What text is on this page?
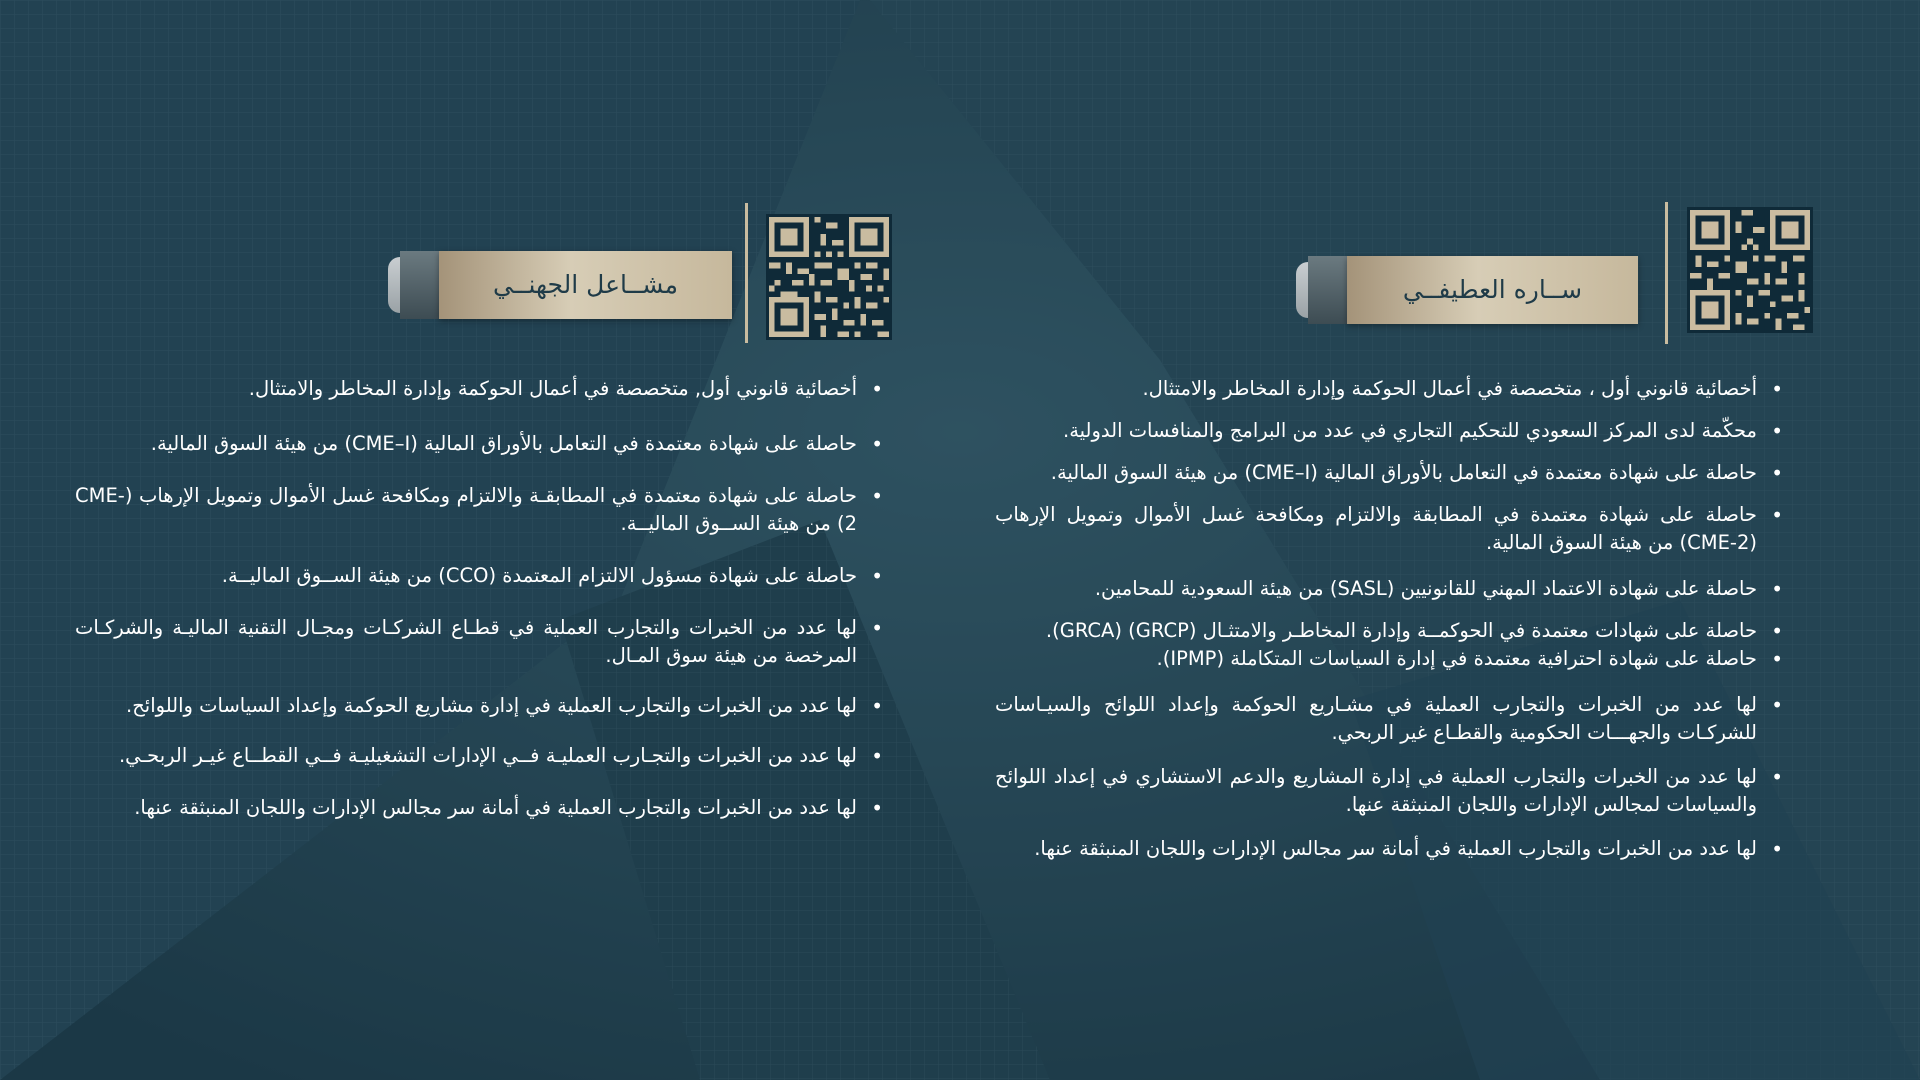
مشــاعل الجهنــي
• أخصائية قانوني أول, متخصصة في أعمال الحوكمة وإدارة المخاطر والامتثال.
• حاصلة على شهادة معتمدة في التعامل بالأوراق المالية (CME–I) من هيئة السوق المالية.
• حاصلة على شهادة معتمدة في المطابقـة والالتزام ومكافحة غسل الأموال وتمويل الإرهاب (CME-2) من هيئة الســوق الماليــة.
• حاصلة على شهادة مسؤول الالتزام المعتمدة (CCO) من هيئة الســوق الماليــة.
• لها عدد من الخبرات والتجارب العملية في قطـاع الشركـات ومجـال التقنية الماليـة والشركـات المرخصة من هيئة سوق المـال.
• لها عدد من الخبرات والتجارب العملية في إدارة مشاريع الحوكمة وإعداد السياسات واللوائح.
• لها عدد من الخبرات والتجـارب العمليـة فــي الإدارات التشغيليـة فــي القطــاع غيـر الربحـي.
• لها عدد من الخبرات والتجارب العملية في أمانة سر مجالس الإدارات واللجان المنبثقة عنها.
ســاره العطيفــي
• أخصائية قانوني أول ، متخصصة في أعمال الحوكمة وإدارة المخاطر والامتثال.
• محكّمة لدى المركز السعودي للتحكيم التجاري في عدد من البرامج والمنافسات الدولية.
• حاصلة على شهادة معتمدة في التعامل بالأوراق المالية (CME–I) من هيئة السوق المالية.
• حاصلة على شهادة معتمدة في المطابقة والالتزام ومكافحة غسل الأموال وتمويل الإرهاب (CME-2) من هيئة السوق المالية.
• حاصلة على شهادة الاعتماد المهني للقانونيين (SASL) من هيئة السعودية للمحامين.
• حاصلة على شهادات معتمدة في الحوكمــة وإدارة المخاطـر والامتثـال (GRCP) (GRCA).
• حاصلة على شهادة احترافية معتمدة في إدارة السياسات المتكاملة (IPMP).
• لها عدد من الخبرات والتجارب العملية في مشـاريع الحوكمة وإعداد اللوائح والسيـاسات للشركـات والجهـــات الحكومية والقطـاع غير الربحي.
• لها عدد من الخبرات والتجارب العملية في إدارة المشاريع والدعم الاستشاري في إعداد اللوائح والسياسات لمجالس الإدارات واللجان المنبثقة عنها.
• لها عدد من الخبرات والتجارب العملية في أمانة سر مجالس الإدارات واللجان المنبثقة عنها.
